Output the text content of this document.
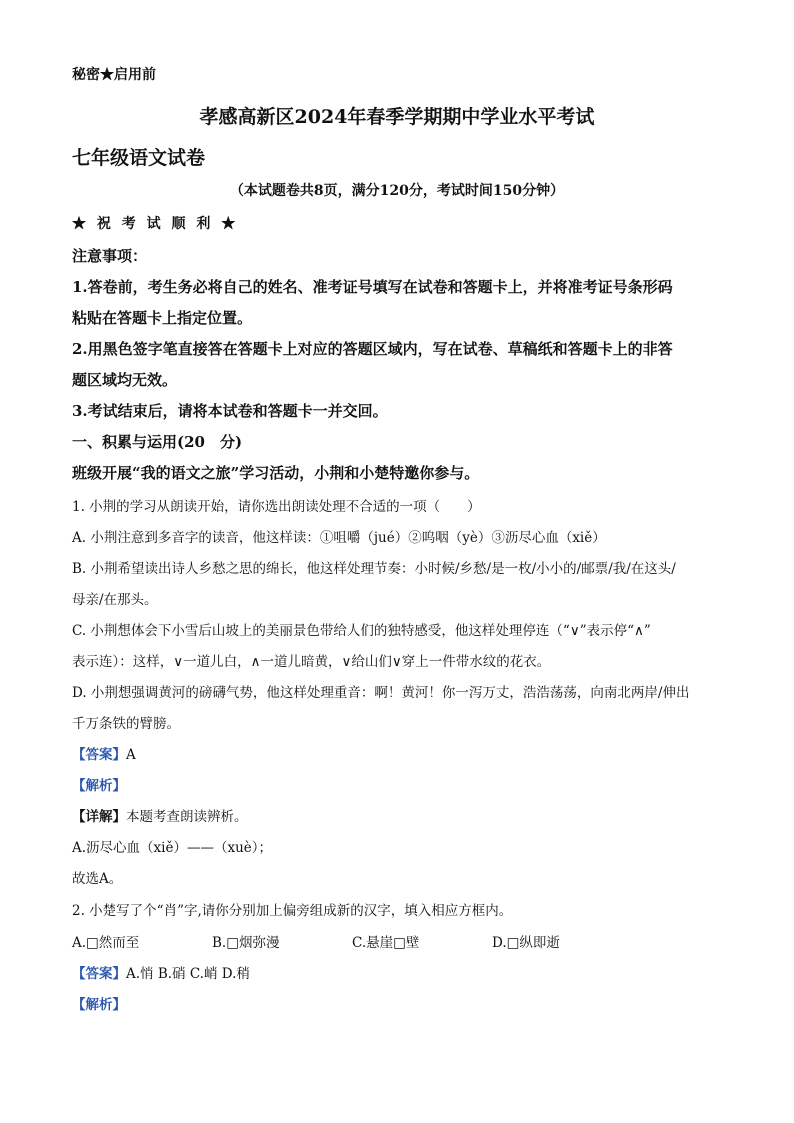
秘密★启用前
孝感高新区2024年春季学期期中学业水平考试
七年级语文试卷
（本试题卷共8页，满分120分，考试时间150分钟）
★ 祝 考 试 顺 利 ★
注意事项：
1.答卷前，考生务必将自己的姓名、准考证号填写在试卷和答题卡上，并将准考证号条形码
粘贴在答题卡上指定位置。
2.用黑色签字笔直接答在答题卡上对应的答题区域内，写在试卷、草稿纸和答题卡上的非答
题区域均无效。
3.考试结束后，请将本试卷和答题卡一并交回。
一、积累与运用(20　分)
班级开展“我的语文之旅”学习活动，小荆和小楚特邀你参与。
1. 小荆的学习从朗读开始，请你选出朗读处理不合适的一项（　　）
A. 小荆注意到多音字的读音，他这样读：①咀嚼（jué）②呜咽（yè）③沥尽心血（xiě）
B. 小荆希望读出诗人乡愁之思的绵长，他这样处理节奏：小时候/乡愁/是一枚/小小的/邮票/我/在这头/
母亲/在那头。
C. 小荆想体会下小雪后山坡上的美丽景色带给人们的独特感受，他这样处理停连（“∨”表示停“∧”
表示连）：这样，∨一道儿白，∧一道儿暗黄，∨给山们∨穿上一件带水纹的花衣。
D. 小荆想强调黄河的磅礴气势，他这样处理重音：啊！黄河！你一泻万丈，浩浩荡荡，向南北两岸/伸出
千万条铁的臂膀。
【答案】A
【解析】
【详解】本题考查朗读辨析。
A.沥尽心血（xiě）——（xuè）；
故选A。
2. 小楚写了个“肖”字,请你分别加上偏旁组成新的汉字，填入相应方框内。
A.□然而至	B.□烟弥漫	C.悬崖□壁	D.□纵即逝
【答案】A.悄 B.硝 C.峭 D.稍
【解析】
